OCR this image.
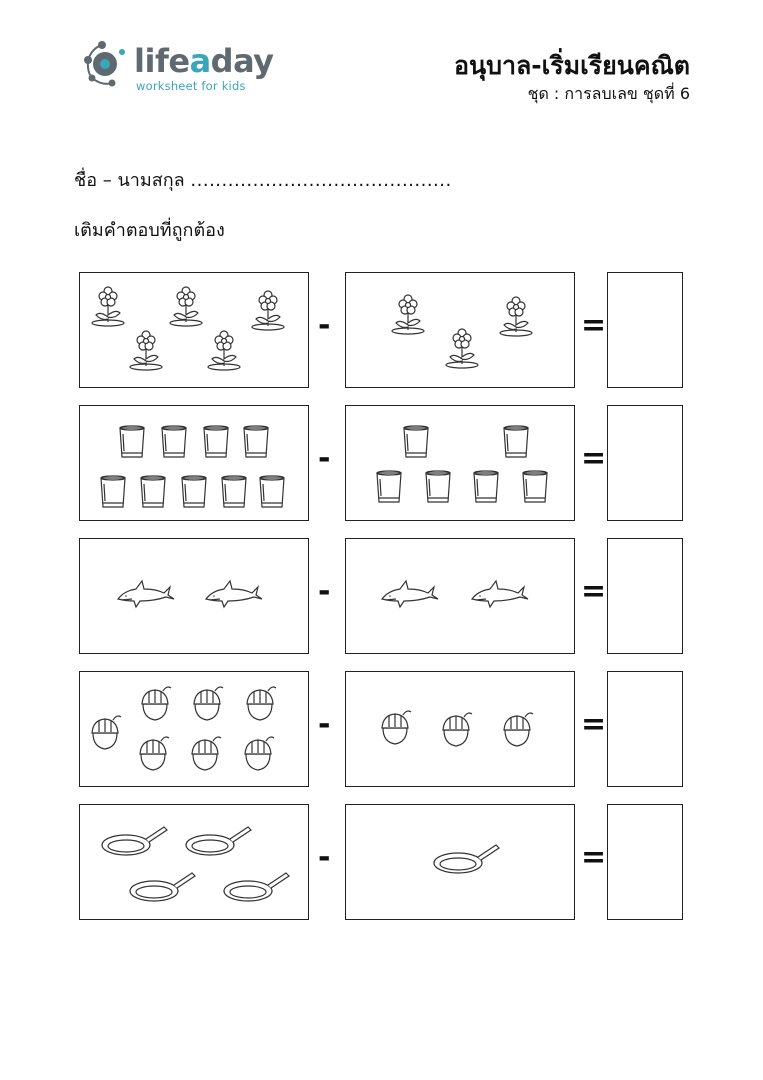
lifeaday
worksheet for kids
อนุบาล-เริ่มเรียนคณิต
ชุด : การลบเลข ชุดที่ 6
ชื่อ – นามสกุล ..........................................
เติมคำตอบที่ถูกต้อง
-	=
-	=
-	=
-	=
-	=
